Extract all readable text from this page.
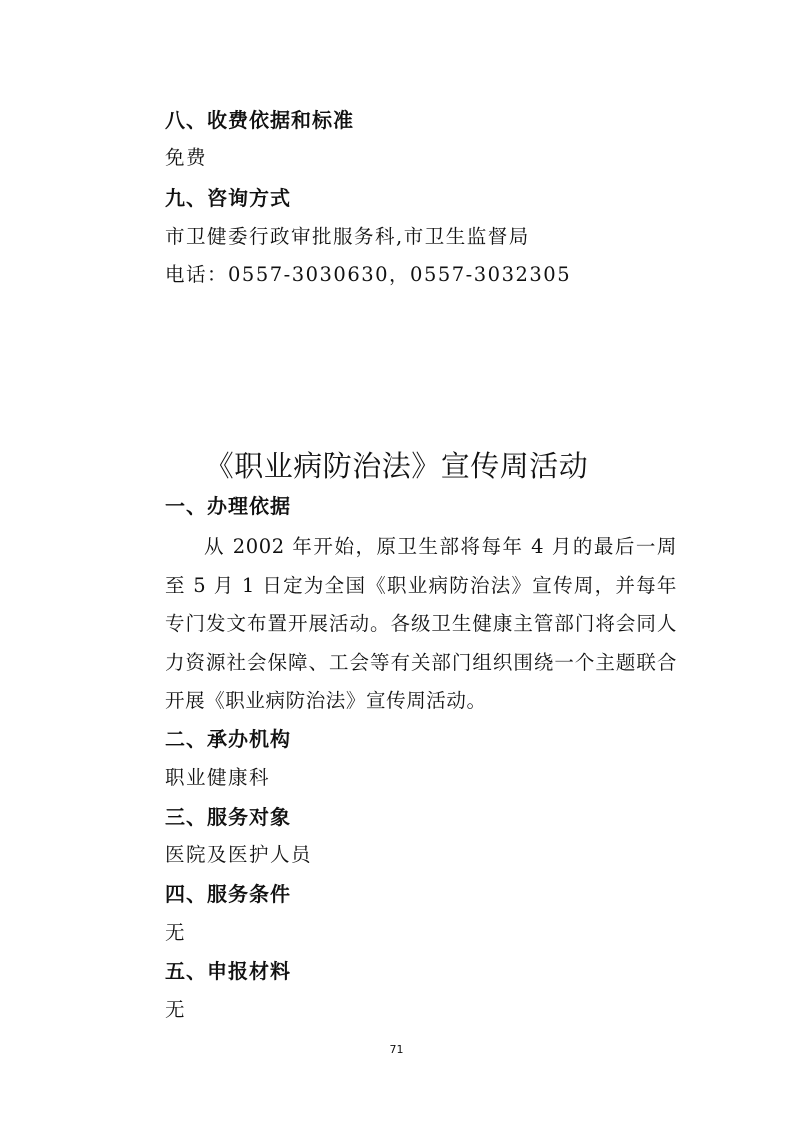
八、收费依据和标准
免费
九、咨询方式
市卫健委行政审批服务科,市卫生监督局
电话：0557-3030630，0557-3032305
《职业病防治法》宣传周活动
一、办理依据
从 2002 年开始，原卫生部将每年 4 月的最后一周至 5 月 1 日定为全国《职业病防治法》宣传周，并每年专门发文布置开展活动。各级卫生健康主管部门将会同人力资源社会保障、工会等有关部门组织围绕一个主题联合开展《职业病防治法》宣传周活动。
二、承办机构
职业健康科
三、服务对象
医院及医护人员
四、服务条件
无
五、申报材料
无
71
